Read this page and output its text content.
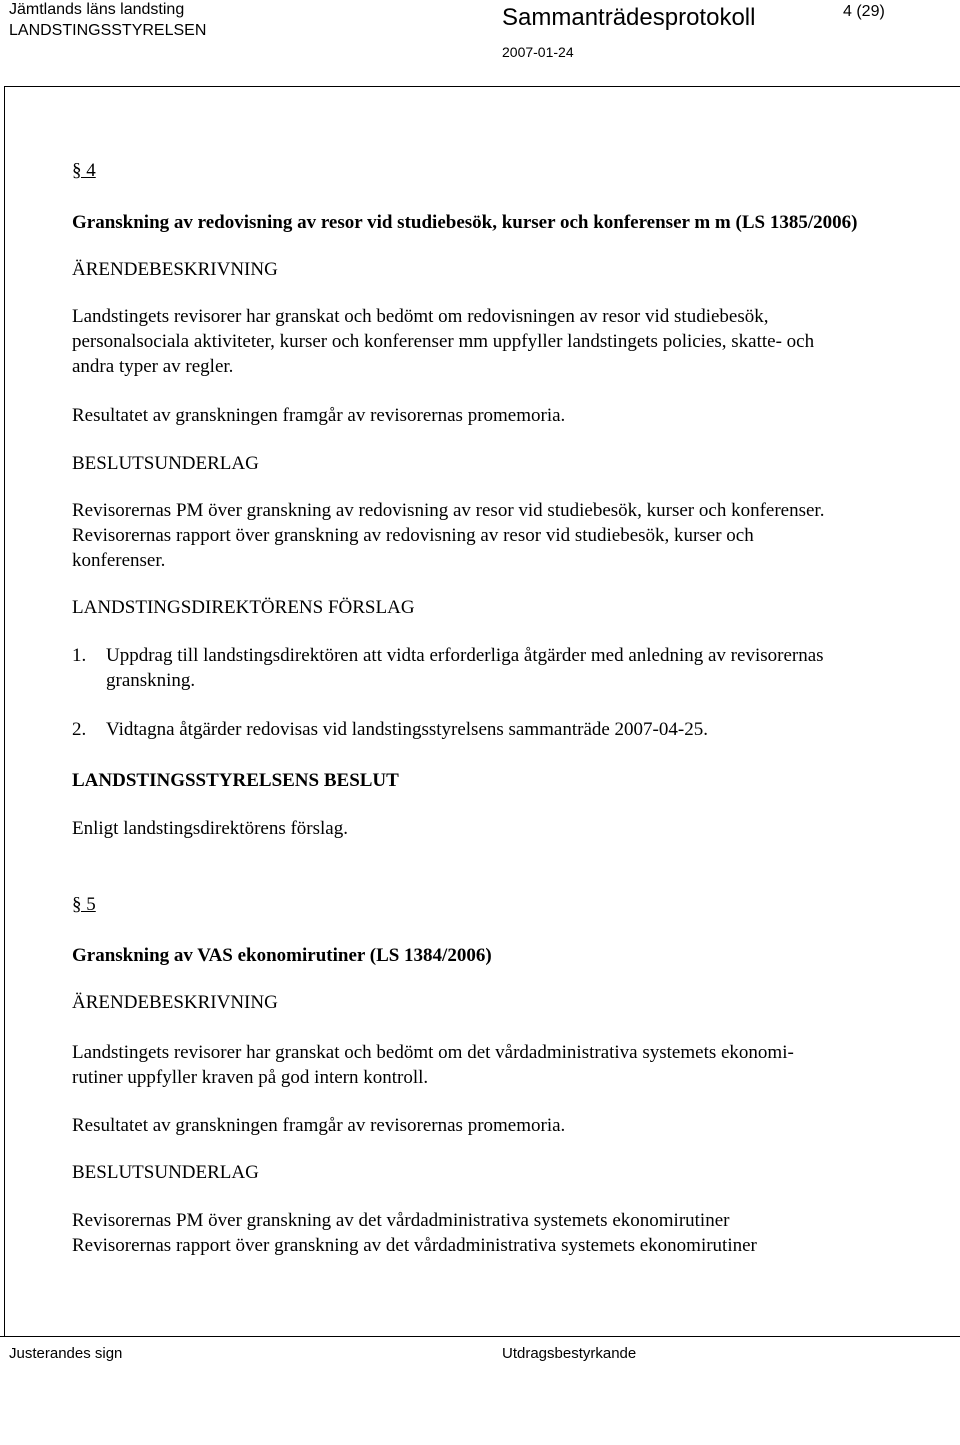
Jämtlands läns landsting
LANDSTINGSSTYRELSEN	Sammanträdesprotokoll
2007-01-24
4 (29)
§ 4
Granskning av redovisning av resor vid studiebesök, kurser och konferenser m m (LS 1385/2006)
ÄRENDEBESKRIVNING
Landstingets revisorer har granskat och bedömt om redovisningen av resor vid studiebesök,
personalsociala aktiviteter, kurser och konferenser mm uppfyller landstingets policies, skatte- och
andra typer av regler.
Resultatet av granskningen framgår av revisorernas promemoria.
BESLUTSUNDERLAG
Revisorernas PM över granskning av redovisning av resor vid studiebesök, kurser och konferenser.
Revisorernas rapport över granskning av redovisning av resor vid studiebesök, kurser och
konferenser.
LANDSTINGSDIREKTÖRENS FÖRSLAG
1. Uppdrag till landstingsdirektören att vidta erforderliga åtgärder med anledning av revisorernas
granskning.
2. Vidtagna åtgärder redovisas vid landstingsstyrelsens sammanträde 2007-04-25.
LANDSTINGSSTYRELSENS BESLUT
Enligt landstingsdirektörens förslag.
§ 5
Granskning av VAS ekonomirutiner (LS 1384/2006)
ÄRENDEBESKRIVNING
Landstingets revisorer har granskat och bedömt om det vårdadministrativa systemets ekonomi-
rutiner uppfyller kraven på god intern kontroll.
Resultatet av granskningen framgår av revisorernas promemoria.
BESLUTSUNDERLAG
Revisorernas PM över granskning av det vårdadministrativa systemets ekonomirutiner
Revisorernas rapport över granskning av det vårdadministrativa systemets ekonomirutiner
Justerandes sign	Utdragsbestyrkande
